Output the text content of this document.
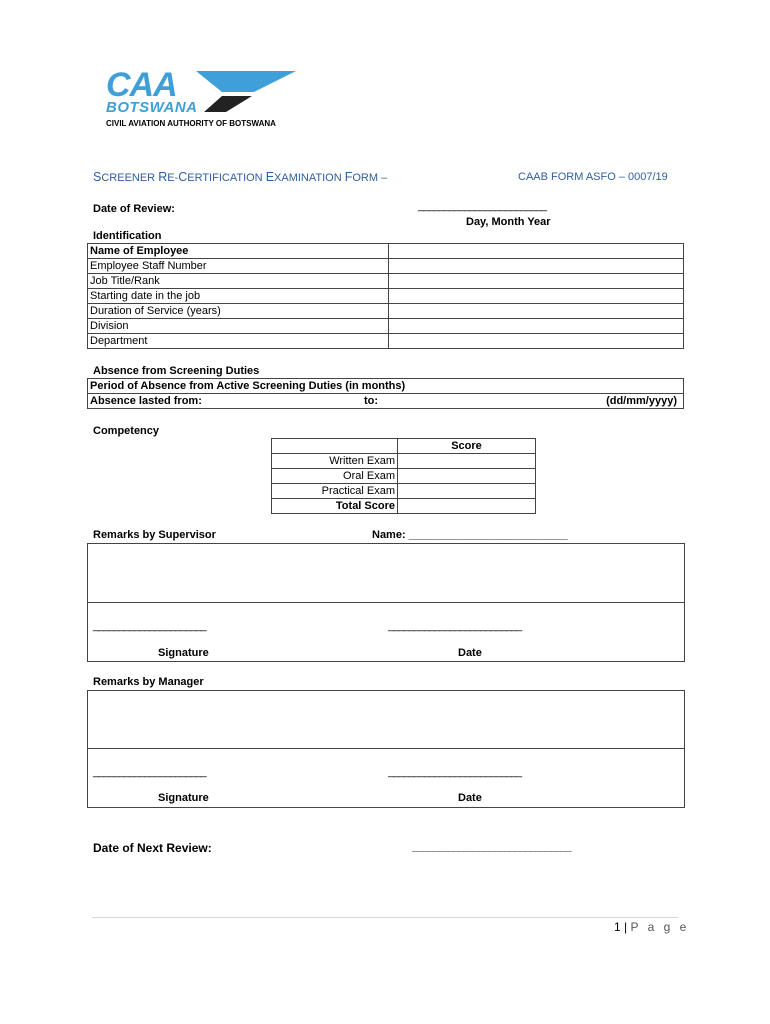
CAA
BOTSWANA
CIVIL AVIATION AUTHORITY OF BOTSWANA
SCREENER RE-CERTIFICATION EXAMINATION FORM –	CAAB FORM ASFO – 0007/19
Date of Review:	_________________________
Day, Month Year
Identification
Name of Employee	
Employee Staff Number	
Job Title/Rank	
Starting date in the job	
Duration of Service (years)	
Division	
Department	
Absence from Screening Duties
Period of Absence from Active Screening Duties (in months)
Absence lasted from:	to:	(dd/mm/yyyy)
Competency
	Score
Written Exam	
Oral Exam	
Practical Exam	
Total Score	
Remarks by Supervisor	Name: __________________________
______________________	__________________________
Signature	Date
Remarks by Manager
______________________	__________________________
Signature	Date
Date of Next Review:	_______________________________
1 | P a g e
